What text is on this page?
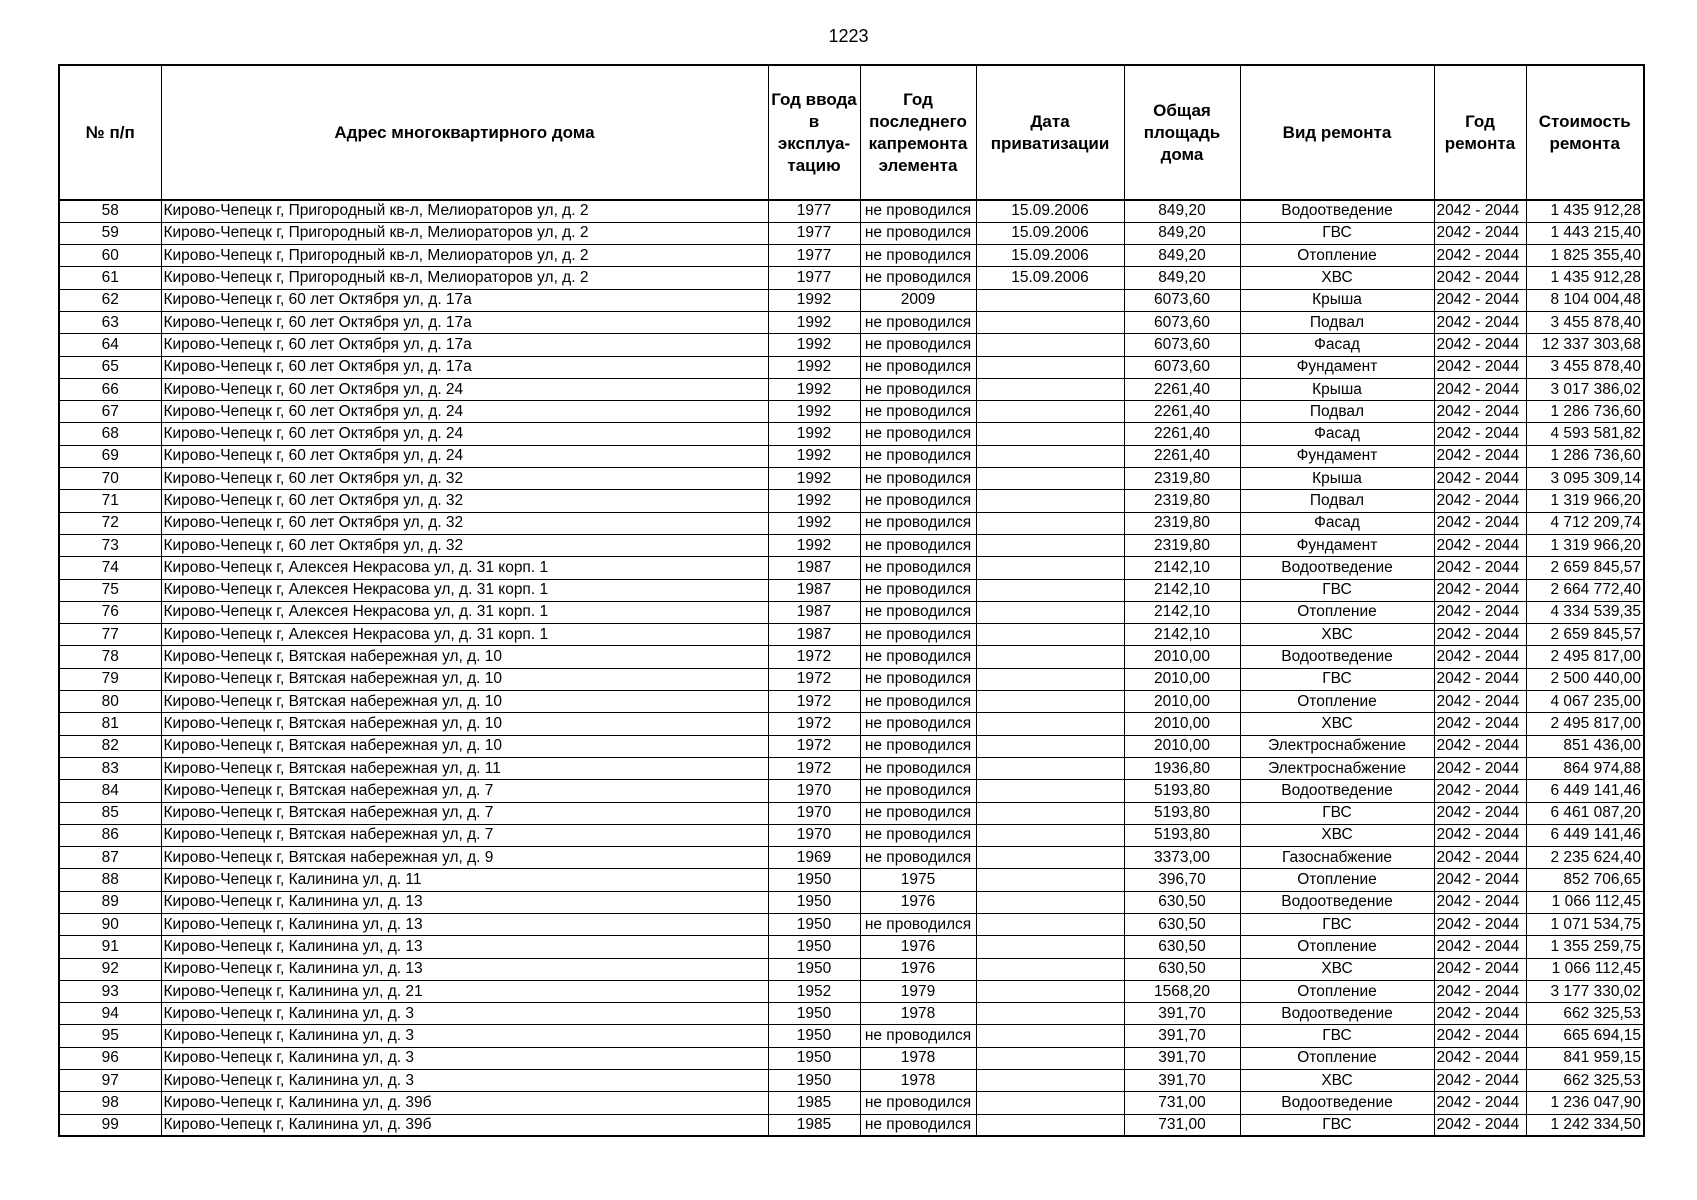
1223
№ п/п	Адрес многоквартирного дома	Год ввода в эксплуа-тацию	Год последнего капремонта элемента	Дата приватизации	Общая площадь дома	Вид ремонта	Год ремонта	Стоимость ремонта
58	Кирово-Чепецк г, Пригородный кв-л, Мелиораторов ул, д. 2	1977	не проводился	15.09.2006	849,20	Водоотведение	2042 - 2044	1 435 912,28
59	Кирово-Чепецк г, Пригородный кв-л, Мелиораторов ул, д. 2	1977	не проводился	15.09.2006	849,20	ГВС	2042 - 2044	1 443 215,40
60	Кирово-Чепецк г, Пригородный кв-л, Мелиораторов ул, д. 2	1977	не проводился	15.09.2006	849,20	Отопление	2042 - 2044	1 825 355,40
61	Кирово-Чепецк г, Пригородный кв-л, Мелиораторов ул, д. 2	1977	не проводился	15.09.2006	849,20	ХВС	2042 - 2044	1 435 912,28
62	Кирово-Чепецк г, 60 лет Октября ул, д. 17а	1992	2009		6073,60	Крыша	2042 - 2044	8 104 004,48
63	Кирово-Чепецк г, 60 лет Октября ул, д. 17а	1992	не проводился		6073,60	Подвал	2042 - 2044	3 455 878,40
64	Кирово-Чепецк г, 60 лет Октября ул, д. 17а	1992	не проводился		6073,60	Фасад	2042 - 2044	12 337 303,68
65	Кирово-Чепецк г, 60 лет Октября ул, д. 17а	1992	не проводился		6073,60	Фундамент	2042 - 2044	3 455 878,40
66	Кирово-Чепецк г, 60 лет Октября ул, д. 24	1992	не проводился		2261,40	Крыша	2042 - 2044	3 017 386,02
67	Кирово-Чепецк г, 60 лет Октября ул, д. 24	1992	не проводился		2261,40	Подвал	2042 - 2044	1 286 736,60
68	Кирово-Чепецк г, 60 лет Октября ул, д. 24	1992	не проводился		2261,40	Фасад	2042 - 2044	4 593 581,82
69	Кирово-Чепецк г, 60 лет Октября ул, д. 24	1992	не проводился		2261,40	Фундамент	2042 - 2044	1 286 736,60
70	Кирово-Чепецк г, 60 лет Октября ул, д. 32	1992	не проводился		2319,80	Крыша	2042 - 2044	3 095 309,14
71	Кирово-Чепецк г, 60 лет Октября ул, д. 32	1992	не проводился		2319,80	Подвал	2042 - 2044	1 319 966,20
72	Кирово-Чепецк г, 60 лет Октября ул, д. 32	1992	не проводился		2319,80	Фасад	2042 - 2044	4 712 209,74
73	Кирово-Чепецк г, 60 лет Октября ул, д. 32	1992	не проводился		2319,80	Фундамент	2042 - 2044	1 319 966,20
74	Кирово-Чепецк г, Алексея Некрасова ул, д. 31 корп. 1	1987	не проводился		2142,10	Водоотведение	2042 - 2044	2 659 845,57
75	Кирово-Чепецк г, Алексея Некрасова ул, д. 31 корп. 1	1987	не проводился		2142,10	ГВС	2042 - 2044	2 664 772,40
76	Кирово-Чепецк г, Алексея Некрасова ул, д. 31 корп. 1	1987	не проводился		2142,10	Отопление	2042 - 2044	4 334 539,35
77	Кирово-Чепецк г, Алексея Некрасова ул, д. 31 корп. 1	1987	не проводился		2142,10	ХВС	2042 - 2044	2 659 845,57
78	Кирово-Чепецк г, Вятская набережная ул, д. 10	1972	не проводился		2010,00	Водоотведение	2042 - 2044	2 495 817,00
79	Кирово-Чепецк г, Вятская набережная ул, д. 10	1972	не проводился		2010,00	ГВС	2042 - 2044	2 500 440,00
80	Кирово-Чепецк г, Вятская набережная ул, д. 10	1972	не проводился		2010,00	Отопление	2042 - 2044	4 067 235,00
81	Кирово-Чепецк г, Вятская набережная ул, д. 10	1972	не проводился		2010,00	ХВС	2042 - 2044	2 495 817,00
82	Кирово-Чепецк г, Вятская набережная ул, д. 10	1972	не проводился		2010,00	Электроснабжение	2042 - 2044	851 436,00
83	Кирово-Чепецк г, Вятская набережная ул, д. 11	1972	не проводился		1936,80	Электроснабжение	2042 - 2044	864 974,88
84	Кирово-Чепецк г, Вятская набережная ул, д. 7	1970	не проводился		5193,80	Водоотведение	2042 - 2044	6 449 141,46
85	Кирово-Чепецк г, Вятская набережная ул, д. 7	1970	не проводился		5193,80	ГВС	2042 - 2044	6 461 087,20
86	Кирово-Чепецк г, Вятская набережная ул, д. 7	1970	не проводился		5193,80	ХВС	2042 - 2044	6 449 141,46
87	Кирово-Чепецк г, Вятская набережная ул, д. 9	1969	не проводился		3373,00	Газоснабжение	2042 - 2044	2 235 624,40
88	Кирово-Чепецк г, Калинина ул, д. 11	1950	1975		396,70	Отопление	2042 - 2044	852 706,65
89	Кирово-Чепецк г, Калинина ул, д. 13	1950	1976		630,50	Водоотведение	2042 - 2044	1 066 112,45
90	Кирово-Чепецк г, Калинина ул, д. 13	1950	не проводился		630,50	ГВС	2042 - 2044	1 071 534,75
91	Кирово-Чепецк г, Калинина ул, д. 13	1950	1976		630,50	Отопление	2042 - 2044	1 355 259,75
92	Кирово-Чепецк г, Калинина ул, д. 13	1950	1976		630,50	ХВС	2042 - 2044	1 066 112,45
93	Кирово-Чепецк г, Калинина ул, д. 21	1952	1979		1568,20	Отопление	2042 - 2044	3 177 330,02
94	Кирово-Чепецк г, Калинина ул, д. 3	1950	1978		391,70	Водоотведение	2042 - 2044	662 325,53
95	Кирово-Чепецк г, Калинина ул, д. 3	1950	не проводился		391,70	ГВС	2042 - 2044	665 694,15
96	Кирово-Чепецк г, Калинина ул, д. 3	1950	1978		391,70	Отопление	2042 - 2044	841 959,15
97	Кирово-Чепецк г, Калинина ул, д. 3	1950	1978		391,70	ХВС	2042 - 2044	662 325,53
98	Кирово-Чепецк г, Калинина ул, д. 39б	1985	не проводился		731,00	Водоотведение	2042 - 2044	1 236 047,90
99	Кирово-Чепецк г, Калинина ул, д. 39б	1985	не проводился		731,00	ГВС	2042 - 2044	1 242 334,50
